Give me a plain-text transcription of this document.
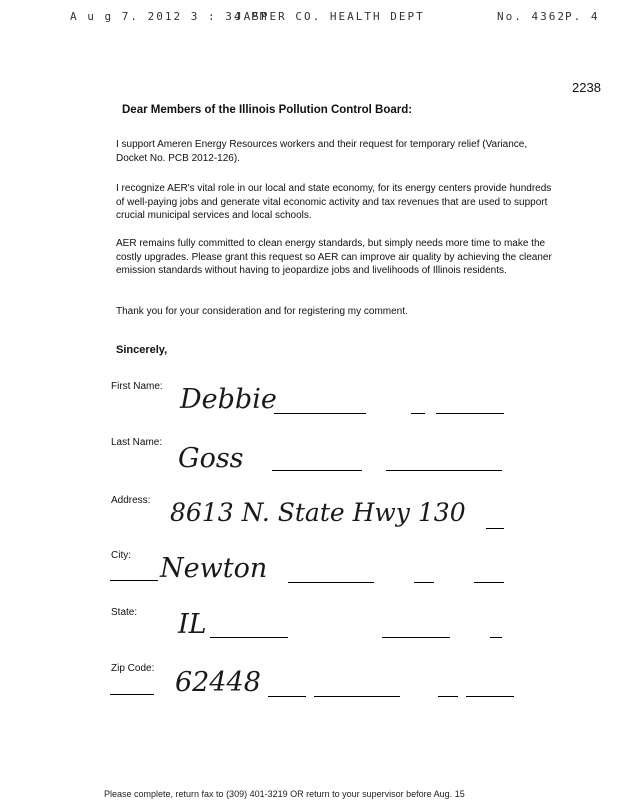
A u g 7. 2012 3 : 34 PM
JASPER CO. HEALTH DEPT	No. 4362 P. 4
2238
Dear Members of the Illinois Pollution Control Board:
I support Ameren Energy Resources workers and their request for temporary relief (Variance, Docket No. PCB 2012-126).
I recognize AER's vital role in our local and state economy, for its energy centers provide hundreds of well-paying jobs and generate vital economic activity and tax revenues that are used to support crucial municipal services and local schools.
AER remains fully committed to clean energy standards, but simply needs more time to make the costly upgrades. Please grant this request so AER can improve air quality by achieving the cleaner emission standards without having to jeopardize jobs and livelihoods of Illinois residents.
Thank you for your consideration and for registering my comment.
Sincerely,
First Name: Debbie
Last Name:
Goss
Address: 8613 N. State Hwy 130
City: Newton
State: IL
Zip Code: 62448
Please complete, return fax to (309) 401-3219 OR return to your supervisor before Aug. 15
